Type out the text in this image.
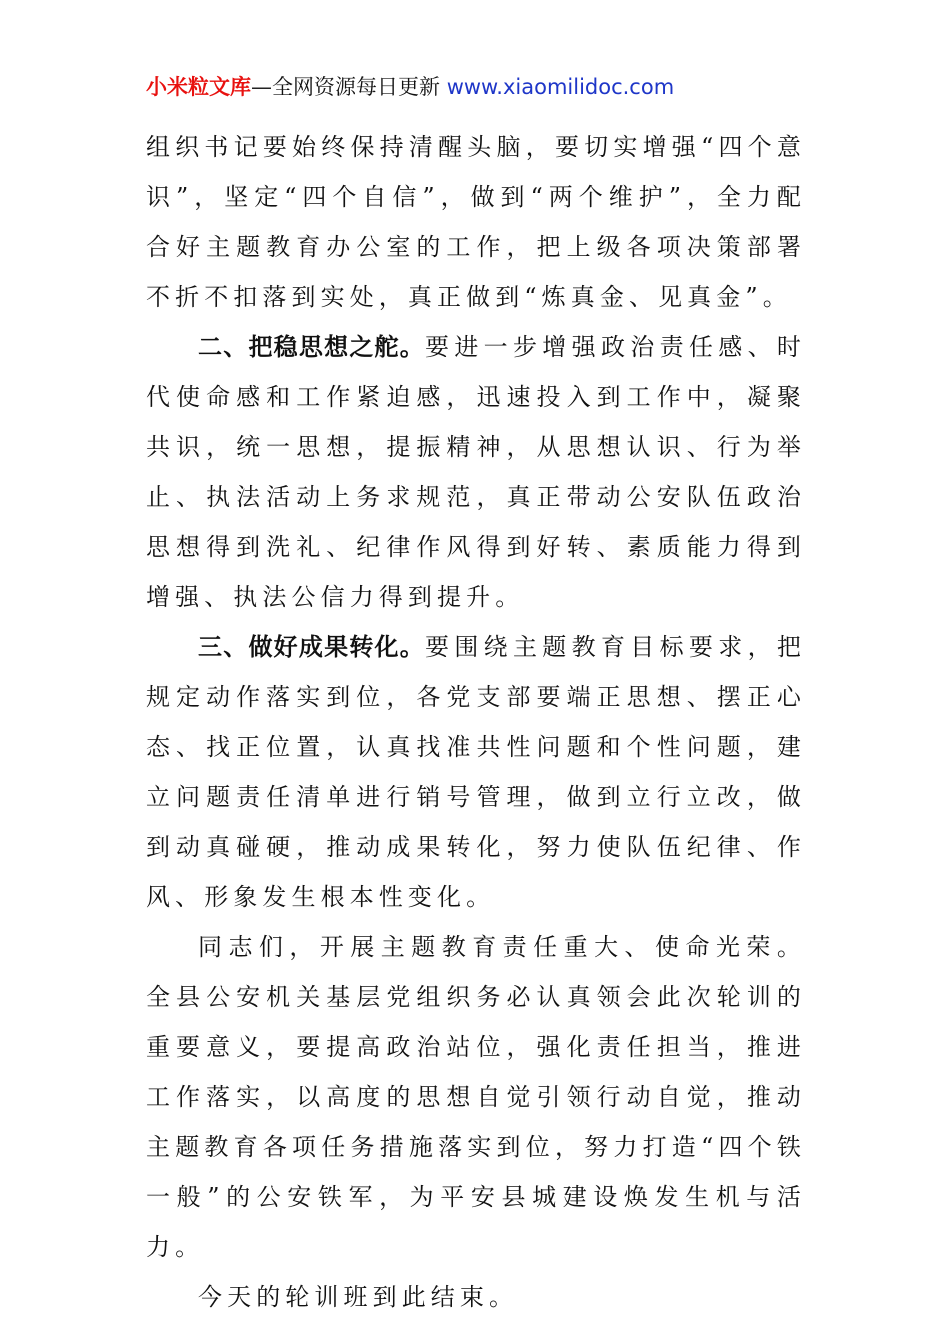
小米粒文库—全网资源每日更新 www.xiaomilidoc.com

组织书记要始终保持清醒头脑，要切实增强“四个意识”，坚定“四个自信”，做到“两个维护”，全力配合好主题教育办公室的工作，把上级各项决策部署不折不扣落到实处，真正做到“炼真金、见真金”。

二、把稳思想之舵。要进一步增强政治责任感、时代使命感和工作紧迫感，迅速投入到工作中，凝聚共识，统一思想，提振精神，从思想认识、行为举止、执法活动上务求规范，真正带动公安队伍政治思想得到洗礼、纪律作风得到好转、素质能力得到增强、执法公信力得到提升。

三、做好成果转化。要围绕主题教育目标要求，把规定动作落实到位，各党支部要端正思想、摆正心态、找正位置，认真找准共性问题和个性问题，建立问题责任清单进行销号管理，做到立行立改，做到动真碰硬，推动成果转化，努力使队伍纪律、作风、形象发生根本性变化。

同志们，开展主题教育责任重大、使命光荣。全县公安机关基层党组织务必认真领会此次轮训的重要意义，要提高政治站位，强化责任担当，推进工作落实，以高度的思想自觉引领行动自觉，推动主题教育各项任务措施落实到位，努力打造“四个铁一般”的公安铁军，为平安县城建设焕发生机与活力。

今天的轮训班到此结束。
